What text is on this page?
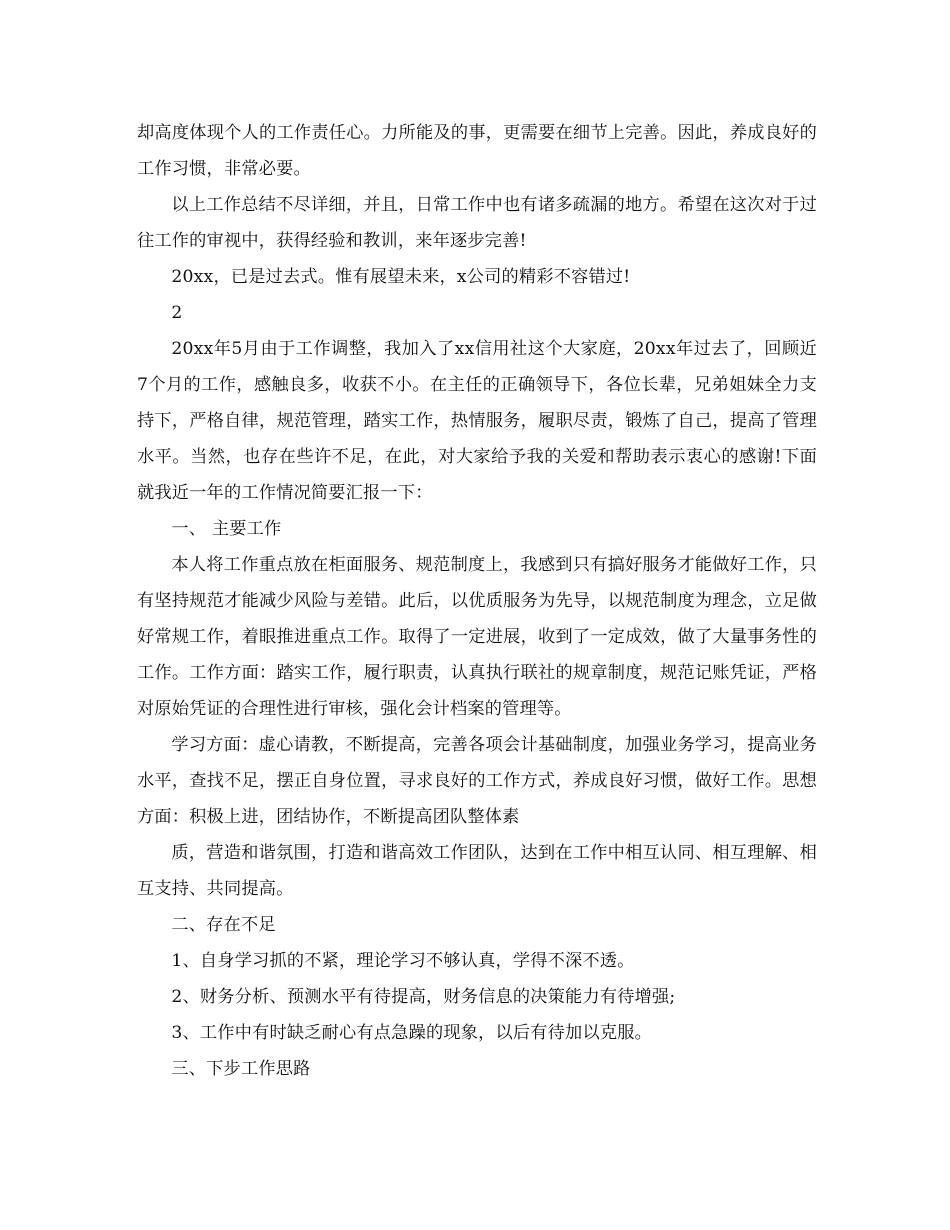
却高度体现个人的工作责任心。力所能及的事，更需要在细节上完善。因此，养成良好的工作习惯，非常必要。

以上工作总结不尽详细，并且，日常工作中也有诸多疏漏的地方。希望在这次对于过往工作的审视中，获得经验和教训，来年逐步完善!

20xx，已是过去式。惟有展望未来，x公司的精彩不容错过!

2

20xx年5月由于工作调整，我加入了xx信用社这个大家庭，20xx年过去了，回顾近7个月的工作，感触良多，收获不小。在主任的正确领导下，各位长辈，兄弟姐妹全力支持下，严格自律，规范管理，踏实工作，热情服务，履职尽责，锻炼了自己，提高了管理水平。当然，也存在些许不足，在此，对大家给予我的关爱和帮助表示衷心的感谢!下面就我近一年的工作情况简要汇报一下：

一、 主要工作

本人将工作重点放在柜面服务、规范制度上，我感到只有搞好服务才能做好工作，只有坚持规范才能减少风险与差错。此后，以优质服务为先导，以规范制度为理念，立足做好常规工作，着眼推进重点工作。取得了一定进展，收到了一定成效，做了大量事务性的工作。工作方面：踏实工作，履行职责，认真执行联社的规章制度，规范记账凭证，严格对原始凭证的合理性进行审核，强化会计档案的管理等。

学习方面：虚心请教，不断提高，完善各项会计基础制度，加强业务学习，提高业务水平，查找不足，摆正自身位置，寻求良好的工作方式，养成良好习惯，做好工作。思想方面：积极上进，团结协作，不断提高团队整体素

质，营造和谐氛围，打造和谐高效工作团队，达到在工作中相互认同、相互理解、相互支持、共同提高。

二、存在不足

1、自身学习抓的不紧，理论学习不够认真，学得不深不透。

2、财务分析、预测水平有待提高，财务信息的决策能力有待增强;

3、工作中有时缺乏耐心有点急躁的现象，以后有待加以克服。

三、下步工作思路
